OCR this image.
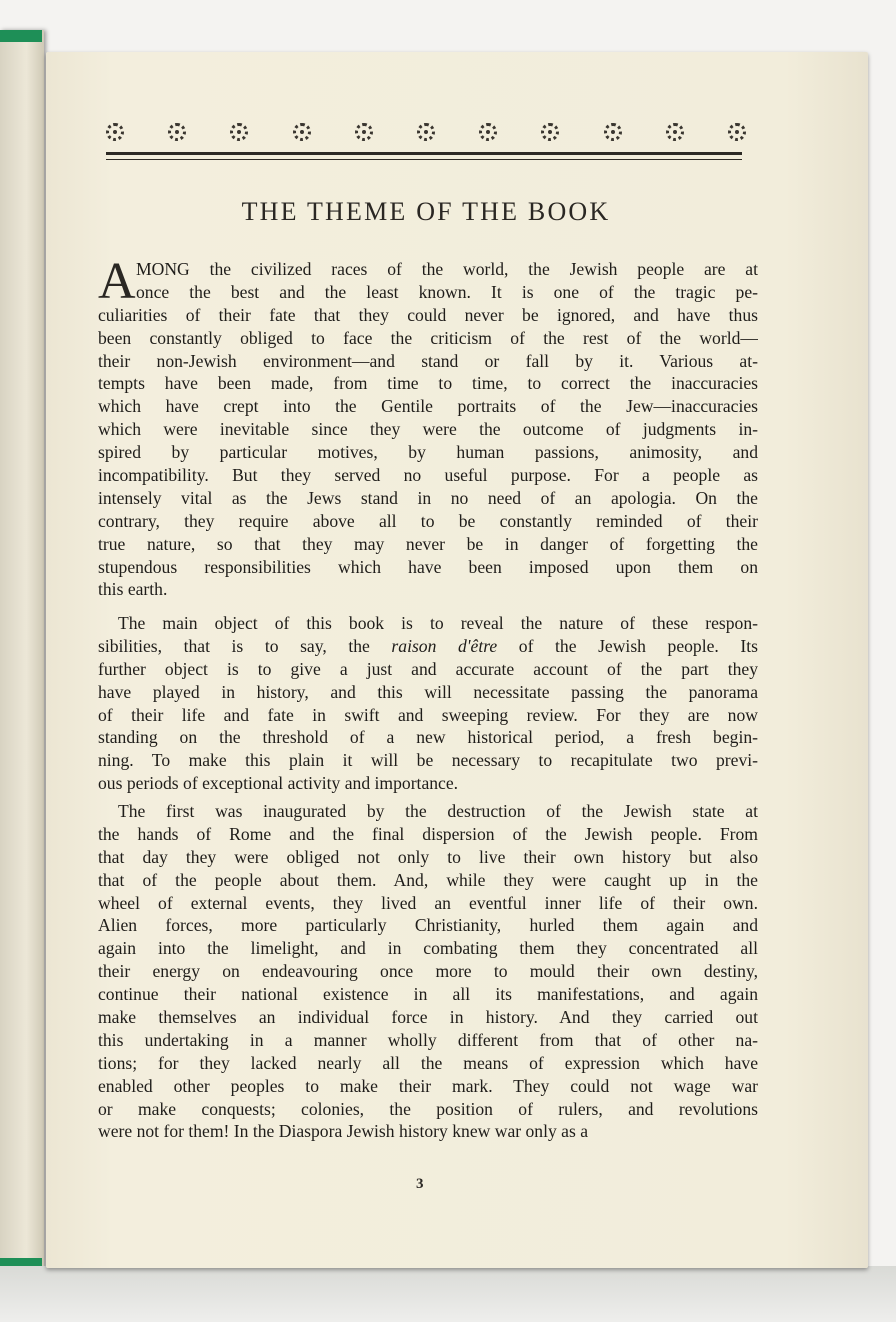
THE THEME OF THE BOOK
A MONG the civilized races of the world, the Jewish people are at
once the best and the least known. It is one of the tragic pe-
culiarities of their fate that they could never be ignored, and have thus
been constantly obliged to face the criticism of the rest of the world—
their non-Jewish environment—and stand or fall by it. Various at-
tempts have been made, from time to time, to correct the inaccuracies
which have crept into the Gentile portraits of the Jew—inaccuracies
which were inevitable since they were the outcome of judgments in-
spired by particular motives, by human passions, animosity, and
incompatibility. But they served no useful purpose. For a people as
intensely vital as the Jews stand in no need of an apologia. On the
contrary, they require above all to be constantly reminded of their
true nature, so that they may never be in danger of forgetting the
stupendous responsibilities which have been imposed upon them on
this earth.
The main object of this book is to reveal the nature of these respon-
sibilities, that is to say, the raison d'être of the Jewish people. Its
further object is to give a just and accurate account of the part they
have played in history, and this will necessitate passing the panorama
of their life and fate in swift and sweeping review. For they are now
standing on the threshold of a new historical period, a fresh begin-
ning. To make this plain it will be necessary to recapitulate two previ-
ous periods of exceptional activity and importance.
The first was inaugurated by the destruction of the Jewish state at
the hands of Rome and the final dispersion of the Jewish people. From
that day they were obliged not only to live their own history but also
that of the people about them. And, while they were caught up in the
wheel of external events, they lived an eventful inner life of their own.
Alien forces, more particularly Christianity, hurled them again and
again into the limelight, and in combating them they concentrated all
their energy on endeavouring once more to mould their own destiny,
continue their national existence in all its manifestations, and again
make themselves an individual force in history. And they carried out
this undertaking in a manner wholly different from that of other na-
tions; for they lacked nearly all the means of expression which have
enabled other peoples to make their mark. They could not wage war
or make conquests; colonies, the position of rulers, and revolutions
were not for them! In the Diaspora Jewish history knew war only as a
3
